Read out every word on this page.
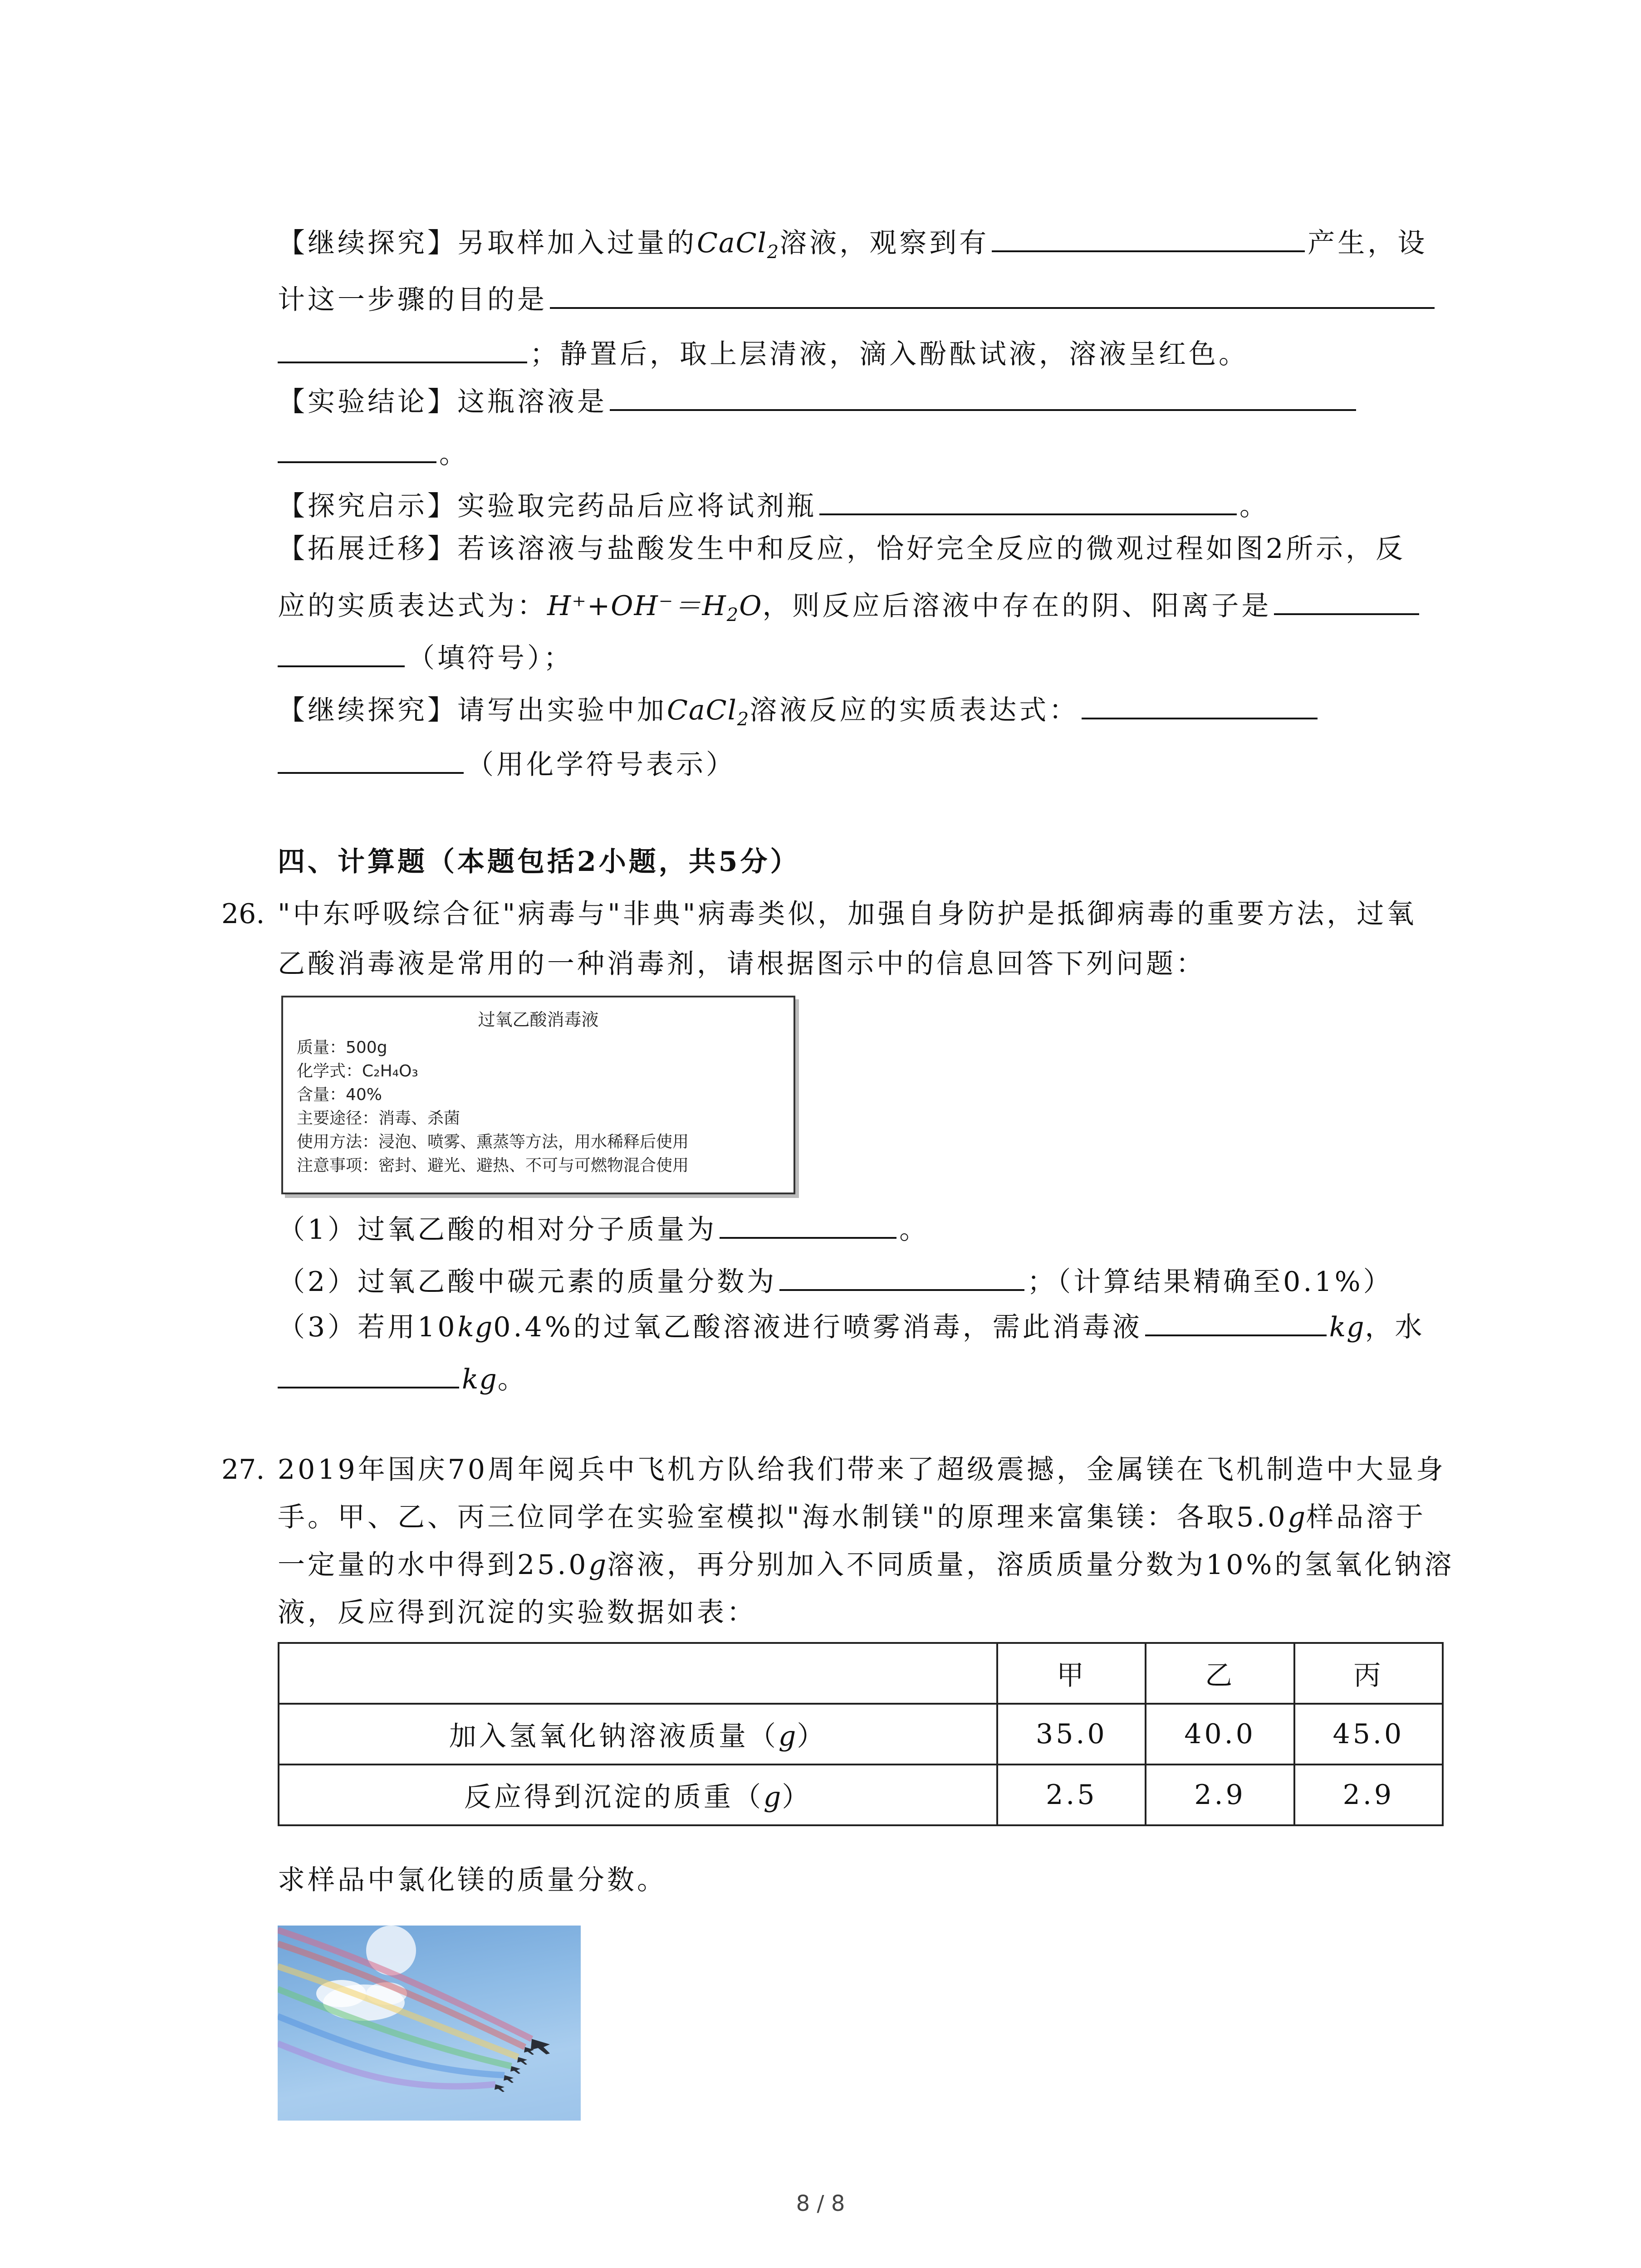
【继续探究】另取样加入过量的CaCl$_2$溶液，观察到有	产生，设
计这一步骤的目的是
；静置后，取上层清液，滴入酚酞试液，溶液呈红色。
【实验结论】这瓶溶液是
。
【探究启示】实验取完药品后应将试剂瓶	。
【拓展迁移】若该溶液与盐酸发生中和反应，恰好完全反应的微观过程如图2所示，反
应的实质表达式为：$H^++OH^-=H_2O$，则反应后溶液中存在的阴、阳离子是
（填符号）；
【继续探究】请写出实验中加CaCl$_2$溶液反应的实质表达式：
（用化学符号表示）
四、计算题（本题包括2小题，共5分）
26. "中东呼吸综合征"病毒与"非典"病毒类似，加强自身防护是抵御病毒的重要方法，过氧
乙酸消毒液是常用的一种消毒剂，请根据图示中的信息回答下列问题：
过氧乙酸消毒液
质量：500g
化学式：C₂H₄O₃
含量：40%
主要途径：消毒、杀菌
使用方法：浸泡、喷雾、熏蒸等方法，用水稀释后使用
注意事项：密封、避光、避热、不可与可燃物混合使用
（1）过氧乙酸的相对分子质量为	。
（2）过氧乙酸中碳元素的质量分数为	；（计算结果精确至0.1%）
（3）若用10kg0.4%的过氧乙酸溶液进行喷雾消毒，需此消毒液	kg，水
kg。
27. 2019年国庆70周年阅兵中飞机方队给我们带来了超级震撼，金属镁在飞机制造中大显身
手。甲、乙、丙三位同学在实验室模拟"海水制镁"的原理来富集镁：各取5.0g样品溶于
一定量的水中得到25.0g溶液，再分别加入不同质量，溶质质量分数为10%的氢氧化钠溶
液，反应得到沉淀的实验数据如表：
	甲	乙	丙
加入氢氧化钠溶液质量（g）	35.0	40.0	45.0
反应得到沉淀的质重（g）	2.5	2.9	2.9
求样品中氯化镁的质量分数。
8 / 8
